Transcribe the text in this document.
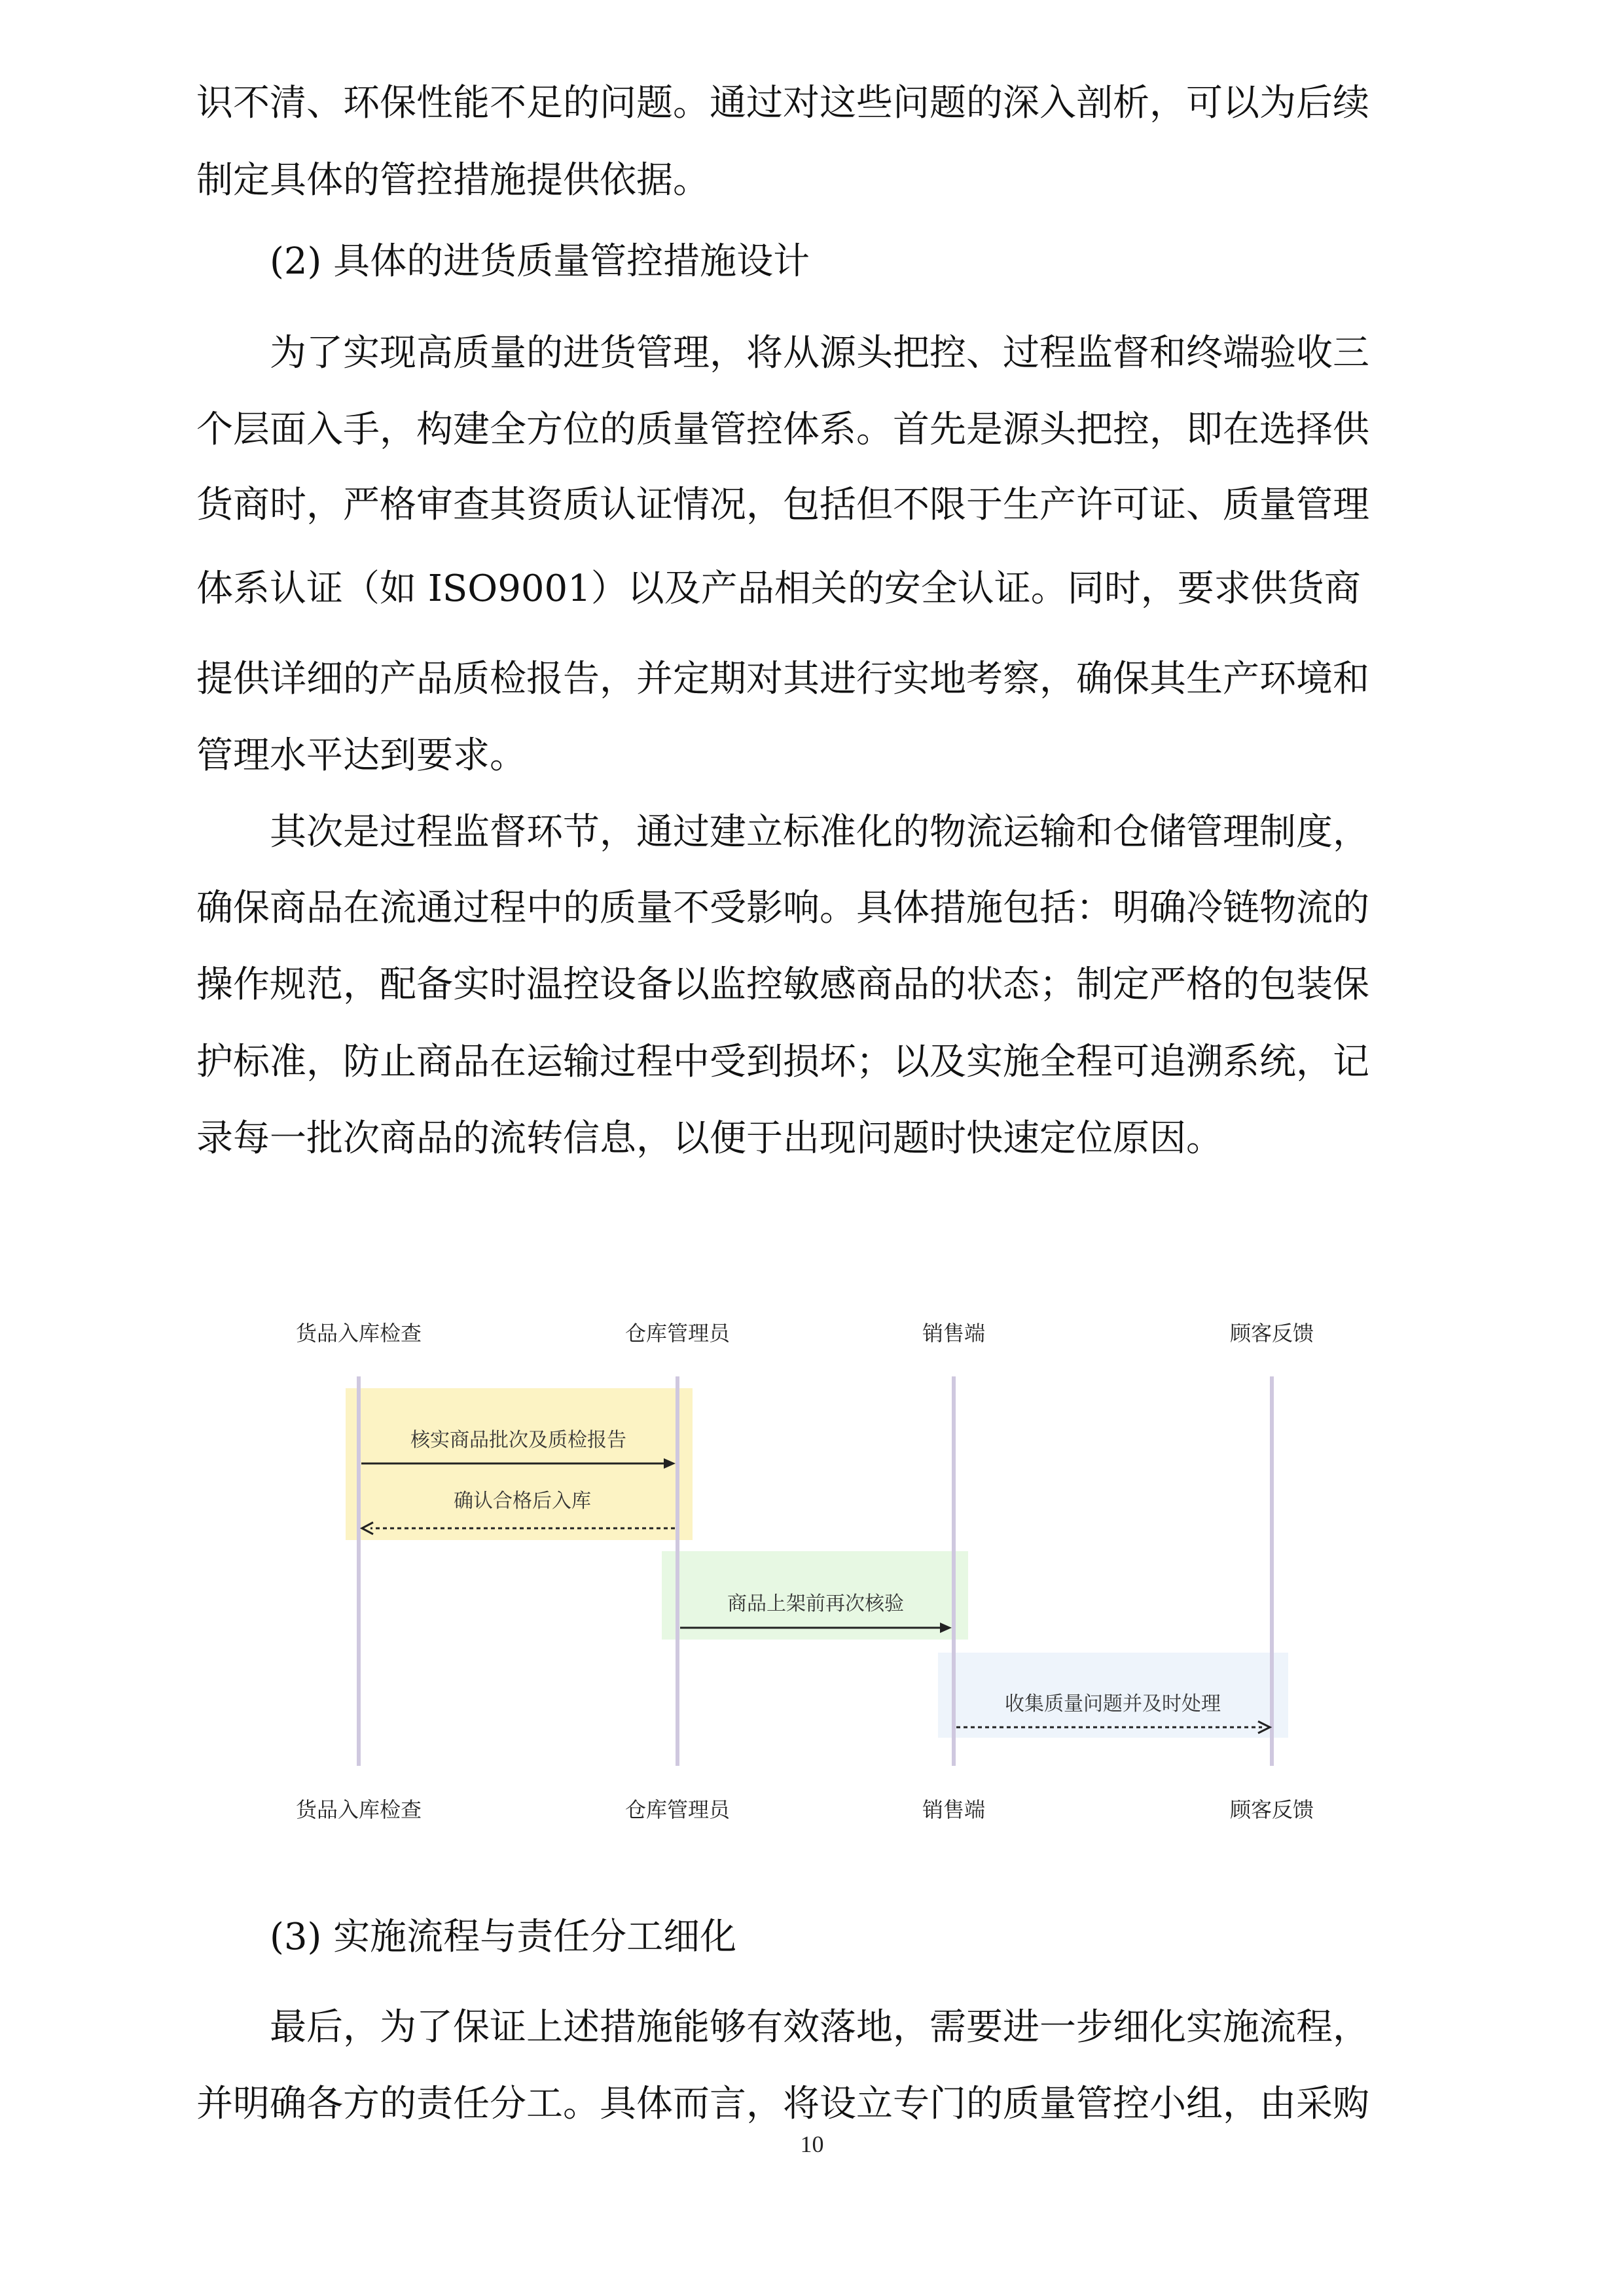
识不清、环保性能不足的问题。通过对这些问题的深入剖析，可以为后续
制定具体的管控措施提供依据。
(2) 具体的进货质量管控措施设计
为了实现高质量的进货管理，将从源头把控、过程监督和终端验收三
个层面入手，构建全方位的质量管控体系。首先是源头把控，即在选择供
货商时，严格审查其资质认证情况，包括但不限于生产许可证、质量管理
体系认证（如 ISO9001）以及产品相关的安全认证。同时，要求供货商
提供详细的产品质检报告，并定期对其进行实地考察，确保其生产环境和
管理水平达到要求。
其次是过程监督环节，通过建立标准化的物流运输和仓储管理制度，
确保商品在流通过程中的质量不受影响。具体措施包括：明确冷链物流的
操作规范，配备实时温控设备以监控敏感商品的状态；制定严格的包装保
护标准，防止商品在运输过程中受到损坏；以及实施全程可追溯系统，记
录每一批次商品的流转信息，以便于出现问题时快速定位原因。
货品入库检查	仓库管理员	销售端	顾客反馈
货品入库检查	仓库管理员	销售端	顾客反馈
核实商品批次及质检报告
确认合格后入库
商品上架前再次核验
收集质量问题并及时处理
(3) 实施流程与责任分工细化
最后，为了保证上述措施能够有效落地，需要进一步细化实施流程，
并明确各方的责任分工。具体而言，将设立专门的质量管控小组，由采购
10
